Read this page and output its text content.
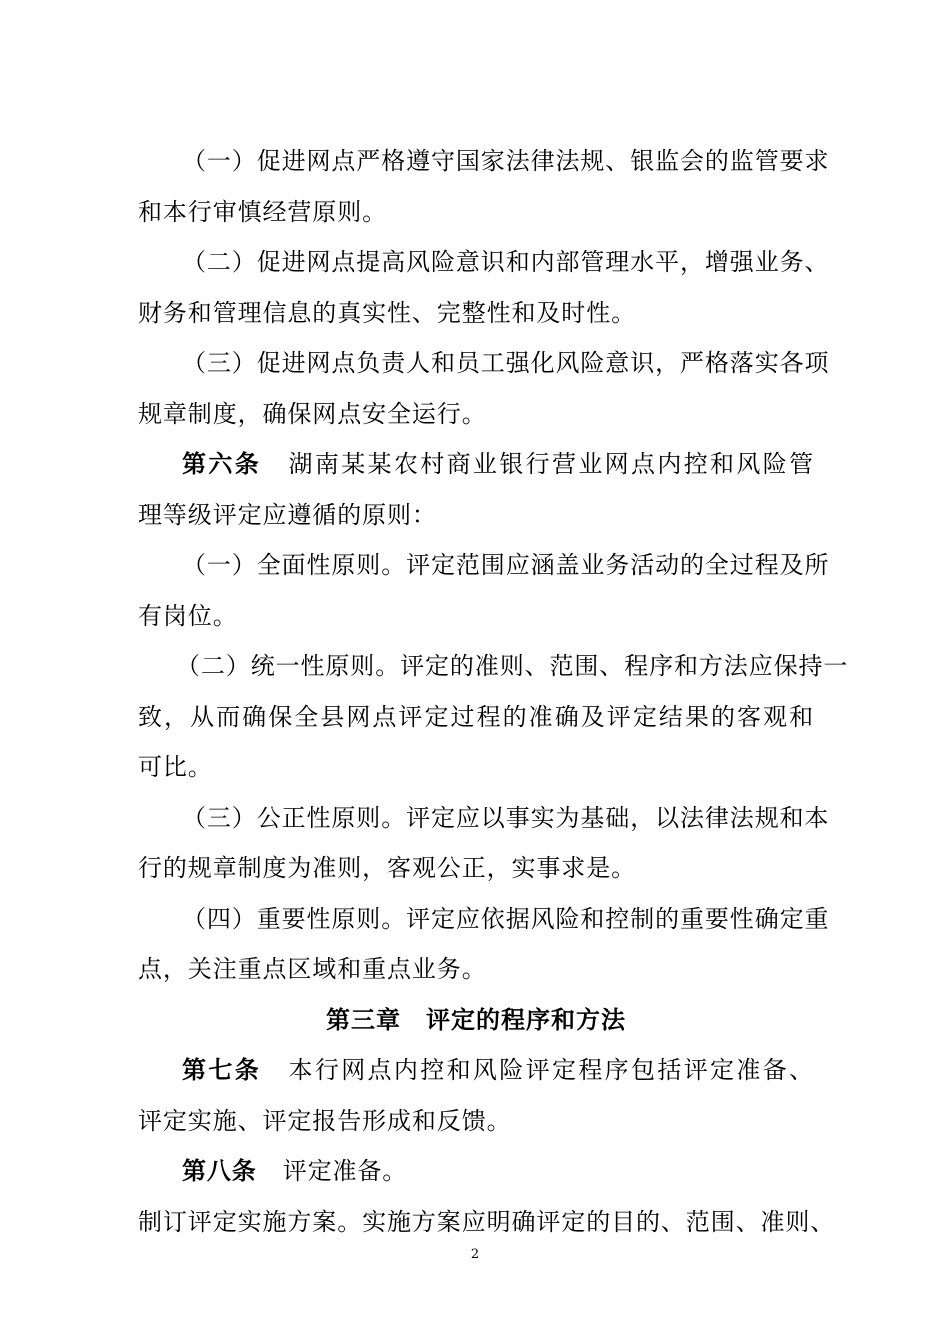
（一）促进网点严格遵守国家法律法规、银监会的监管要求
和本行审慎经营原则。
（二）促进网点提高风险意识和内部管理水平，增强业务、
财务和管理信息的真实性、完整性和及时性。
（三）促进网点负责人和员工强化风险意识，严格落实各项
规章制度，确保网点安全运行。
第六条 湖南某某农村商业银行营业网点内控和风险管
理等级评定应遵循的原则：
（一）全面性原则。评定范围应涵盖业务活动的全过程及所
有岗位。
（二）统一性原则。评定的准则、范围、程序和方法应保持一
致，从而确保全县网点评定过程的准确及评定结果的客观和
可比。
（三）公正性原则。评定应以事实为基础，以法律法规和本
行的规章制度为准则，客观公正，实事求是。
（四）重要性原则。评定应依据风险和控制的重要性确定重
点，关注重点区域和重点业务。
第三章　评定的程序和方法
第七条 本行网点内控和风险评定程序包括评定准备、
评定实施、评定报告形成和反馈。
第八条 评定准备。
制订评定实施方案。实施方案应明确评定的目的、范围、准则、
2
